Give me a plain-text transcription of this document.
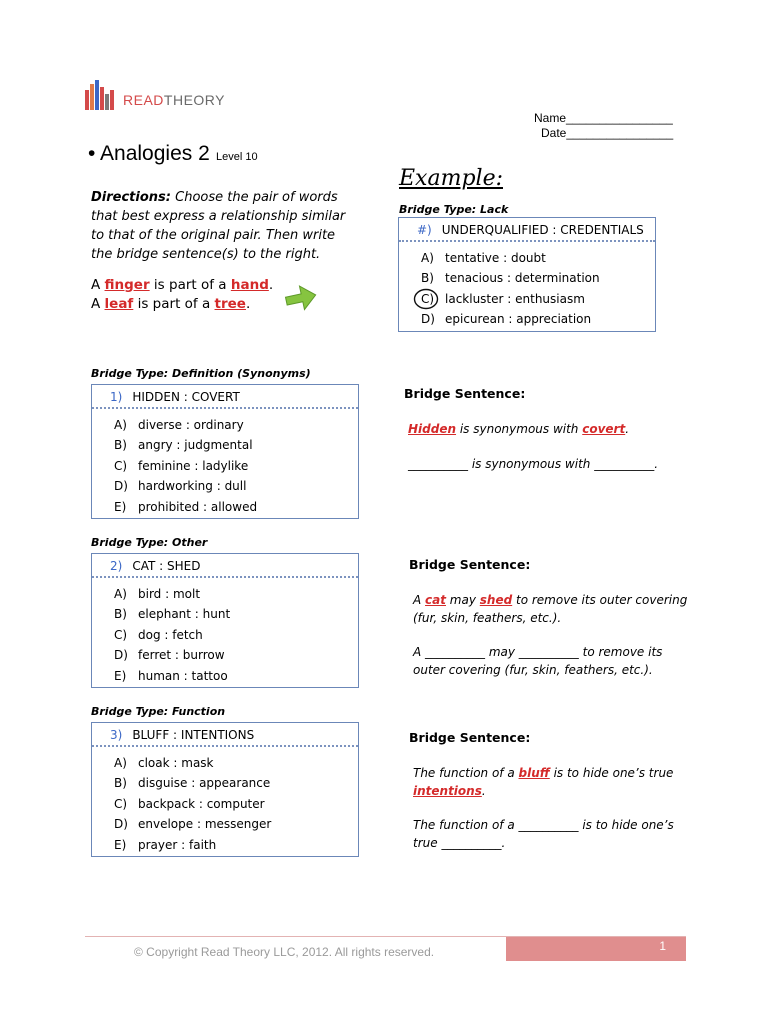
READTHEORY
Name________________
Date________________
• Analogies 2 Level 10
Directions: Choose the pair of words that best express a relationship similar to that of the original pair. Then write the bridge sentence(s) to the right.
A finger is part of a hand.
A leaf is part of a tree.
Example:
Bridge Type: Lack
#) UNDERQUALIFIED : CREDENTIALS
A) tentative : doubt
B) tenacious : determination
C) lackluster : enthusiasm
D) epicurean : appreciation
Bridge Type: Definition (Synonyms)
1) HIDDEN : COVERT
A) diverse : ordinary
B) angry : judgmental
C) feminine : ladylike
D) hardworking : dull
E) prohibited : allowed
Bridge Sentence:
Hidden is synonymous with covert.
__________ is synonymous with __________.
Bridge Type: Other
2) CAT : SHED
A) bird : molt
B) elephant : hunt
C) dog : fetch
D) ferret : burrow
E) human : tattoo
Bridge Sentence:
A cat may shed to remove its outer covering
(fur, skin, feathers, etc.).
A __________ may __________ to remove its
outer covering (fur, skin, feathers, etc.).
Bridge Type: Function
3) BLUFF : INTENTIONS
A) cloak : mask
B) disguise : appearance
C) backpack : computer
D) envelope : messenger
E) prayer : faith
Bridge Sentence:
The function of a bluff is to hide one’s true
intentions.
The function of a __________ is to hide one’s
true __________.
© Copyright Read Theory LLC, 2012. All rights reserved.	1
